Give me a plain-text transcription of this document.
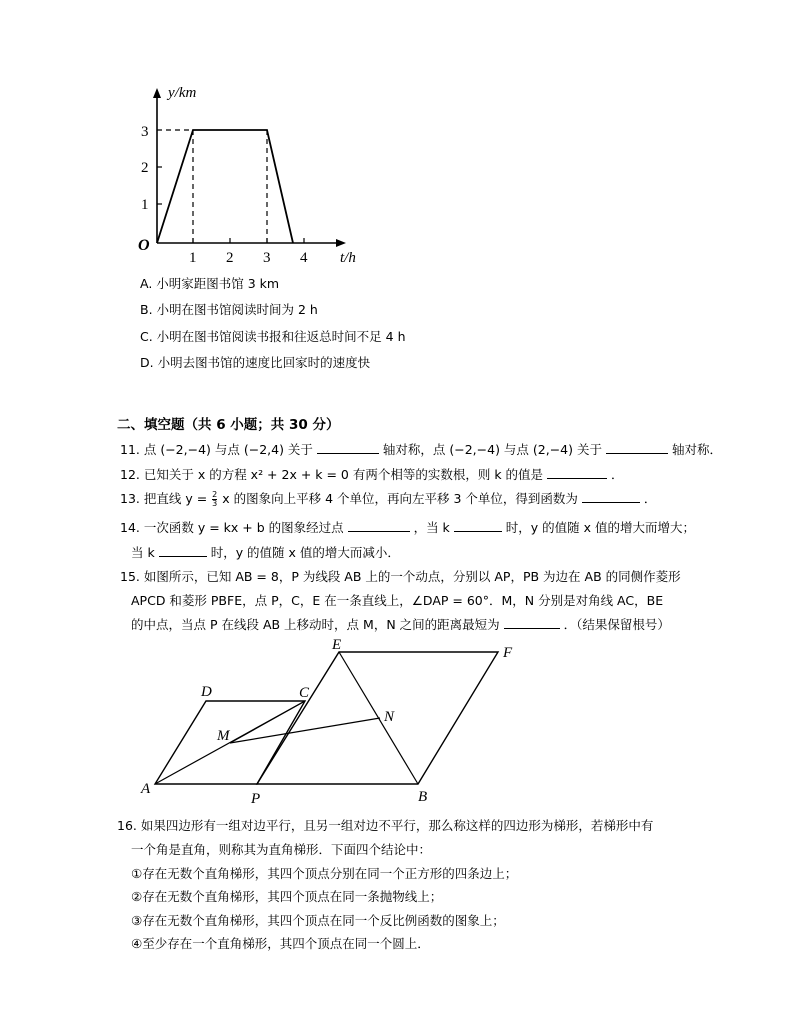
y/km
t/h
O
3
2
1
1 2 3 4
A. 小明家距图书馆 3 km
B. 小明在图书馆阅读时间为 2 h
C. 小明在图书馆阅读书报和往返总时间不足 4 h
D. 小明去图书馆的速度比回家时的速度快
二、填空题（共 6 小题；共 30 分）
11. 点 (−2,−4) 与点 (−2,4) 关于	轴对称，点 (−2,−4) 与点 (2,−4) 关于	轴对称．
12. 已知关于 x 的方程 x² + 2x + k = 0 有两个相等的实数根，则 k 的值是	．
13. 把直线 $y = \frac{2}{3}$ x 的图象向上平移 4 个单位，再向左平移 3 个单位，得到函数为	．
14. 一次函数 y = kx + b 的图象经过点	，当 k	时，y 的值随 x 值的增大而增大；
当 k	时，y 的值随 x 值的增大而减小．
15. 如图所示，已知 AB = 8，P 为线段 AB 上的一个动点，分别以 AP，PB 为边在 AB 的同侧作菱形
APCD 和菱形 PBFE，点 P，C，E 在一条直线上，∠DAP = 60°．M，N 分别是对角线 AC，BE
的中点，当点 P 在线段 AB 上移动时，点 M，N 之间的距离最短为	．（结果保留根号）
A
P	B
D	C
E	F
M
N
16. 如果四边形有一组对边平行，且另一组对边不平行，那么称这样的四边形为梯形，若梯形中有
一个角是直角，则称其为直角梯形．下面四个结论中：
①存在无数个直角梯形，其四个顶点分别在同一个正方形的四条边上；
②存在无数个直角梯形，其四个顶点在同一条抛物线上；
③存在无数个直角梯形，其四个顶点在同一个反比例函数的图象上；
④至少存在一个直角梯形，其四个顶点在同一个圆上．
